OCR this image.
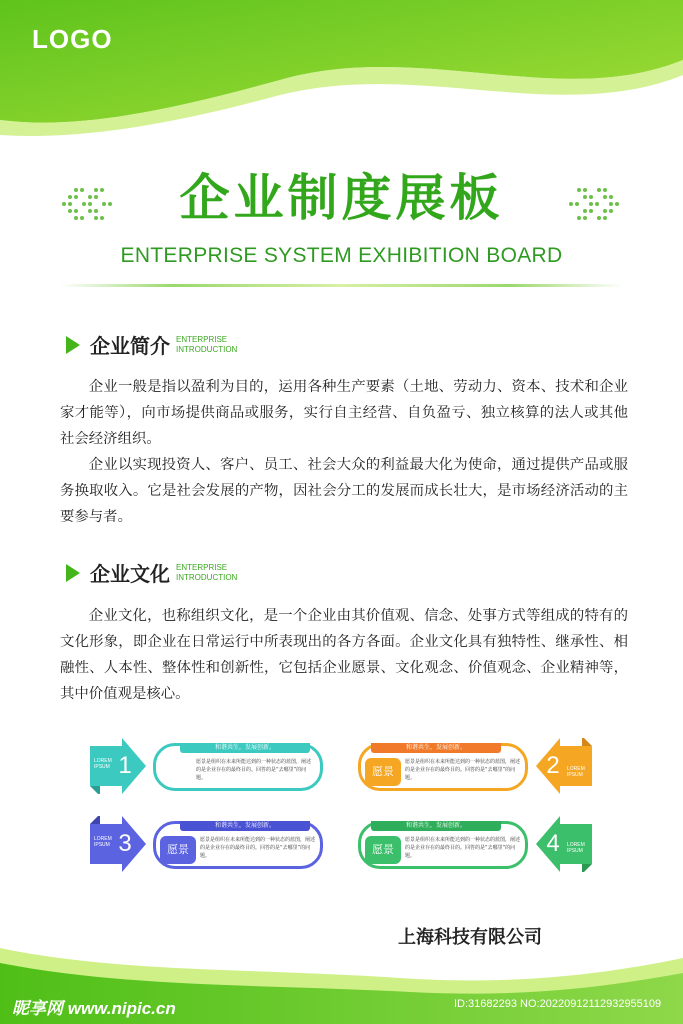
LOGO
企业制度展板
ENTERPRISE SYSTEM EXHIBITION BOARD
企业简介 ENTERPRISE
INTRODUCTION
企业一般是指以盈利为目的，运用各种生产要素（土地、劳动力、资本、技术和企业家才能等），向市场提供商品或服务，实行自主经营、自负盈亏、独立核算的法人或其他社会经济组织。
企业以实现投资人、客户、员工、社会大众的利益最大化为使命，通过提供产品或服务换取收入。它是社会发展的产物，因社会分工的发展而成长壮大，是市场经济活动的主要参与者。
企业文化 ENTERPRISE
INTRODUCTION
企业文化，也称组织文化，是一个企业由其价值观、信念、处事方式等组成的特有的文化形象，即企业在日常运行中所表现出的各方各面。企业文化具有独特性、继承性、相融性、人本性、整体性和创新性，它包括企业愿景、文化观念、价值观念、企业精神等，其中价值观是核心。
1
LOREM
IPSUM
和谐共生，发展创新。
愿景是组织在未来所能达到的一种状态的蓝图，阐述的是企业存在的最终目的。回答的是“去哪里”的问题。
和谐共生，发展创新。
愿景
愿景是组织在未来所能达到的一种状态的蓝图，阐述的是企业存在的最终目的。回答的是“去哪里”的问题。	2	LOREM
IPSUM
3
LOREM
IPSUM
和谐共生，发展创新。
愿景
愿景是组织在未来所能达到的一种状态的蓝图，阐述的是企业存在的最终目的。回答的是“去哪里”的问题。
和谐共生，发展创新。
愿景
愿景是组织在未来所能达到的一种状态的蓝图，阐述的是企业存在的最终目的。回答的是“去哪里”的问题。	4	LOREM
IPSUM
上海科技有限公司
昵享网 www.nipic.cn	ID:31682293 NO:20220912112932955109
